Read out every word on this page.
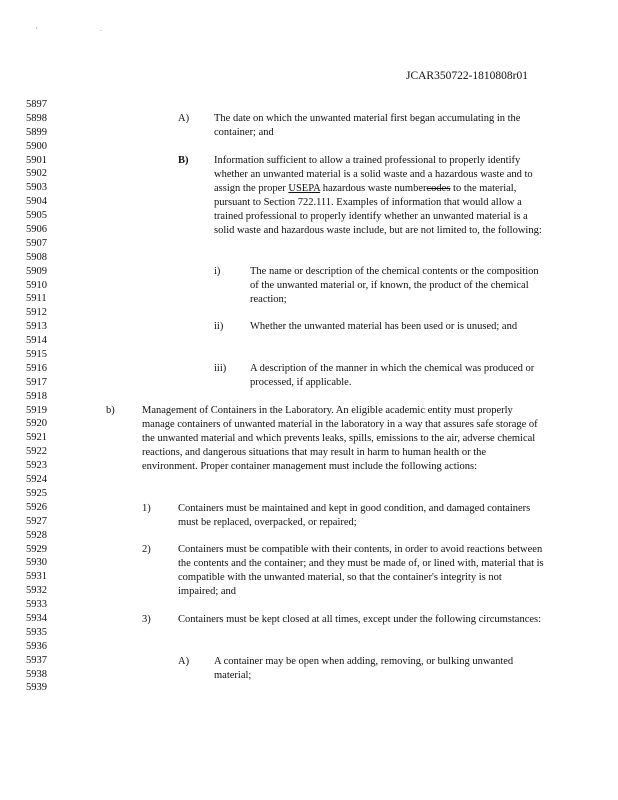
' ·
JCAR350722-1810808r01
5897
5898
5899
5900
5901
5902
5903
5904
5905
5906
5907
5908
5909
5910
5911
5912
5913
5914
5915
5916
5917
5918
5919
5920
5921
5922
5923
5924
5925
5926
5927
5928
5929
5930
5931
5932
5933
5934
5935
5936
5937
5938
5939
A) The date on which the unwanted material first began accumulating in the container; and
B) Information sufficient to allow a trained professional to properly identify whether an unwanted material is a solid waste and a hazardous waste and to assign the proper USEPA hazardous waste numbercodes to the material, pursuant to Section 722.111. Examples of information that would allow a trained professional to properly identify whether an unwanted material is a solid waste and hazardous waste include, but are not limited to, the following:
i)	The name or description of the chemical contents or the composition of the unwanted material or, if known, the product of the chemical reaction;
ii)	Whether the unwanted material has been used or is unused; and
iii) A description of the manner in which the chemical was produced or processed, if applicable.
b)	Management of Containers in the Laboratory. An eligible academic entity must properly manage containers of unwanted material in the laboratory in a way that assures safe storage of the unwanted material and which prevents leaks, spills, emissions to the air, adverse chemical reactions, and dangerous situations that may result in harm to human health or the environment. Proper container management must include the following actions:
1)	Containers must be maintained and kept in good condition, and damaged containers must be replaced, overpacked, or repaired;
2)	Containers must be compatible with their contents, in order to avoid reactions between the contents and the container; and they must be made of, or lined with, material that is compatible with the unwanted material, so that the container's integrity is not impaired; and
3)	Containers must be kept closed at all times, except under the following circumstances:
A) A container may be open when adding, removing, or bulking unwanted material;
